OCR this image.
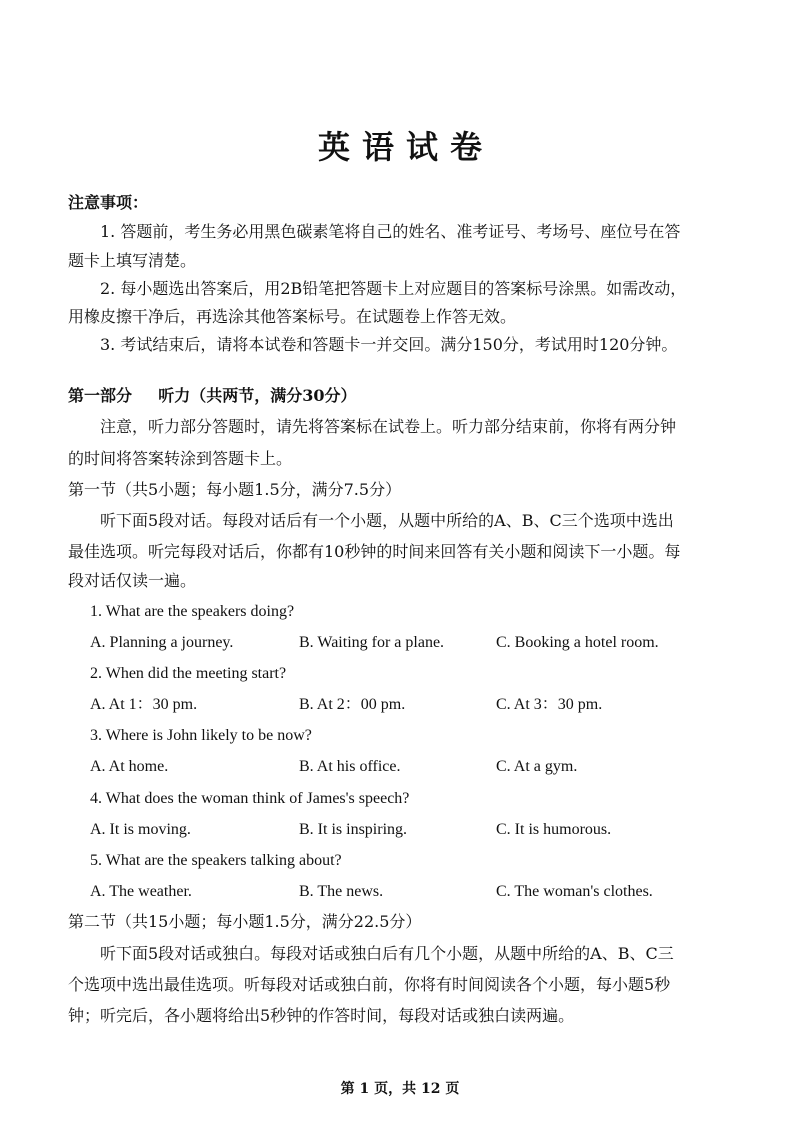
英语试卷
注意事项：
1. 答题前，考生务必用黑色碳素笔将自己的姓名、准考证号、考场号、座位号在答
题卡上填写清楚。
2. 每小题选出答案后，用2B铅笔把答题卡上对应题目的答案标号涂黑。如需改动，
用橡皮擦干净后，再选涂其他答案标号。在试题卷上作答无效。
3. 考试结束后，请将本试卷和答题卡一并交回。满分150分，考试用时120分钟。
第一部分 听力（共两节，满分30分）
注意，听力部分答题时，请先将答案标在试卷上。听力部分结束前，你将有两分钟
的时间将答案转涂到答题卡上。
第一节（共5小题；每小题1.5分，满分7.5分）
听下面5段对话。每段对话后有一个小题，从题中所给的A、B、C三个选项中选出
最佳选项。听完每段对话后，你都有10秒钟的时间来回答有关小题和阅读下一小题。每
段对话仅读一遍。
1. What are the speakers doing?
A. Planning a journey.	B. Waiting for a plane.	C. Booking a hotel room.
2. When did the meeting start?
A. At 1：30 pm.	B. At 2：00 pm.	C. At 3：30 pm.
3. Where is John likely to be now?
A. At home.	B. At his office.	C. At a gym.
4. What does the woman think of James's speech?
A. It is moving.	B. It is inspiring.	C. It is humorous.
5. What are the speakers talking about?
A. The weather.	B. The news.	C. The woman's clothes.
第二节（共15小题；每小题1.5分，满分22.5分）
听下面5段对话或独白。每段对话或独白后有几个小题，从题中所给的A、B、C三
个选项中选出最佳选项。听每段对话或独白前，你将有时间阅读各个小题，每小题5秒
钟；听完后，各小题将给出5秒钟的作答时间，每段对话或独白读两遍。
第 1 页，共 12 页
